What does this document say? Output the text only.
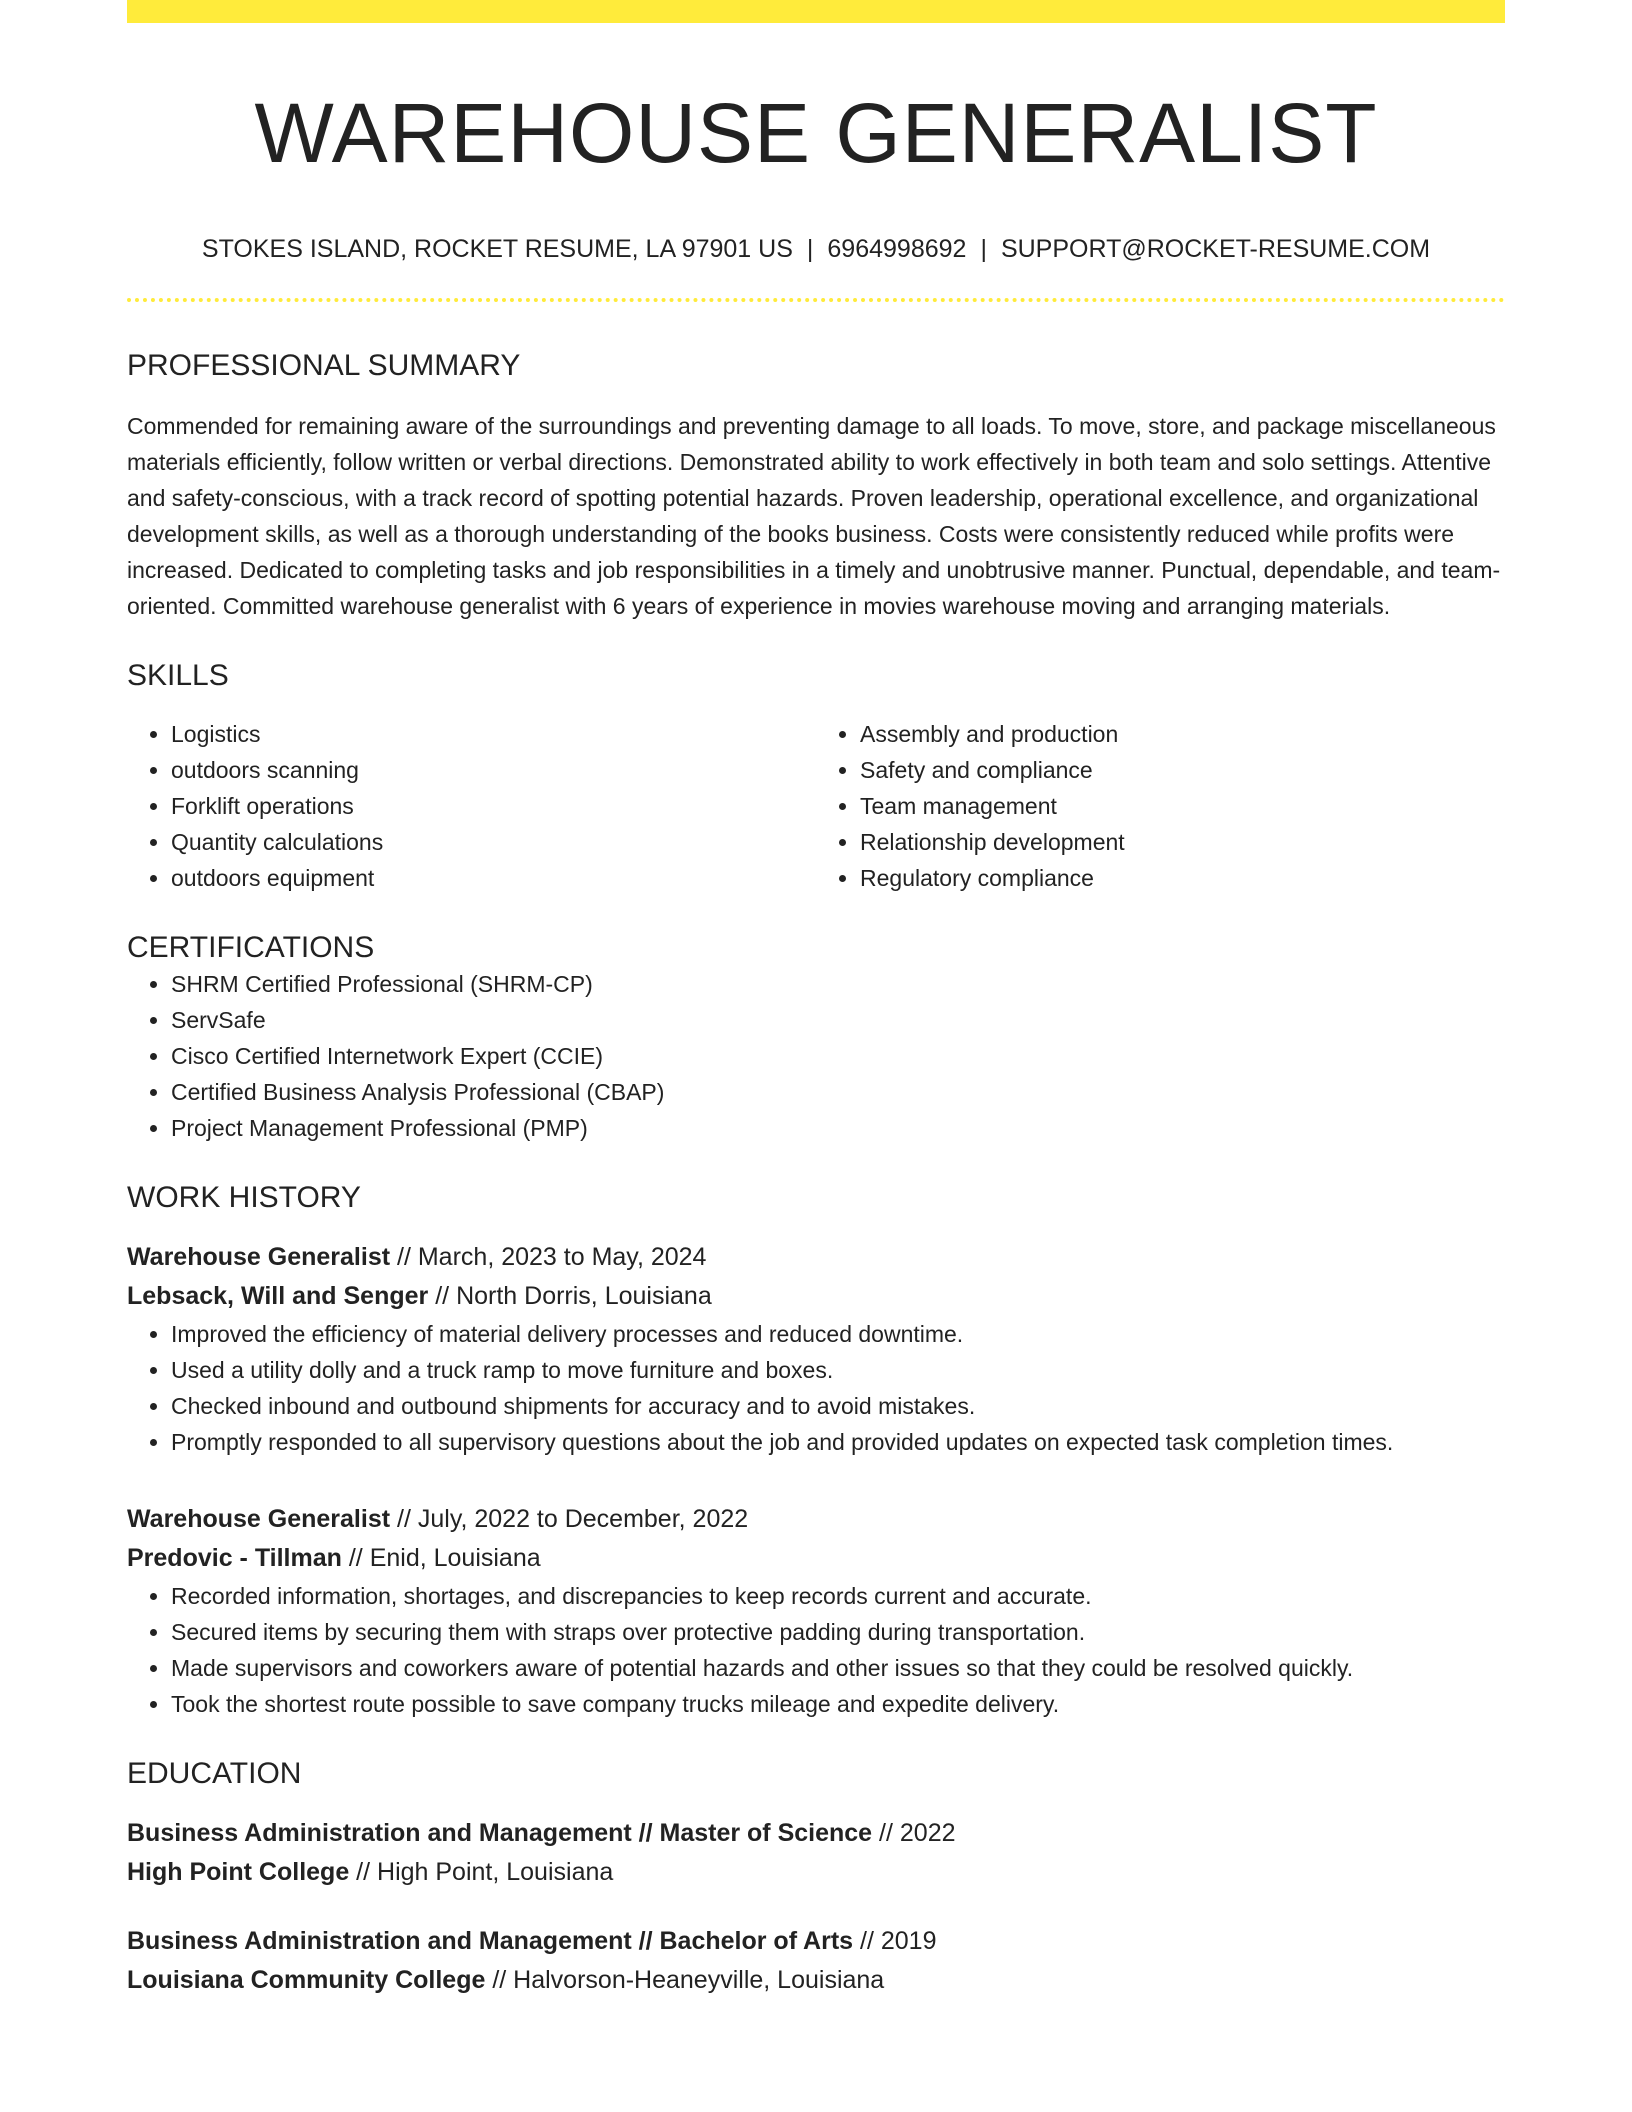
WAREHOUSE GENERALIST
STOKES ISLAND, ROCKET RESUME, LA 97901 US | 6964998692 | SUPPORT@ROCKET-RESUME.COM
PROFESSIONAL SUMMARY

Commended for remaining aware of the surroundings and preventing damage to all loads. To move, store, and package miscellaneous materials efficiently, follow written or verbal directions. Demonstrated ability to work effectively in both team and solo settings. Attentive and safety-conscious, with a track record of spotting potential hazards. Proven leadership, operational excellence, and organizational development skills, as well as a thorough understanding of the books business. Costs were consistently reduced while profits were increased. Dedicated to completing tasks and job responsibilities in a timely and unobtrusive manner. Punctual, dependable, and team-oriented. Committed warehouse generalist with 6 years of experience in movies warehouse moving and arranging materials.

SKILLS
• Logistics
• outdoors scanning
• Forklift operations
• Quantity calculations
• outdoors equipment
• Assembly and production
• Safety and compliance
• Team management
• Relationship development
• Regulatory compliance
CERTIFICATIONS
• SHRM Certified Professional (SHRM-CP)
• ServSafe
• Cisco Certified Internetwork Expert (CCIE)
• Certified Business Analysis Professional (CBAP)
• Project Management Professional (PMP)
WORK HISTORY

Warehouse Generalist // March, 2023 to May, 2024

Lebsack, Will and Senger // North Dorris, Louisiana

• Improved the efficiency of material delivery processes and reduced downtime.
• Used a utility dolly and a truck ramp to move furniture and boxes.
• Checked inbound and outbound shipments for accuracy and to avoid mistakes.
• Promptly responded to all supervisory questions about the job and provided updates on expected task completion times.

Warehouse Generalist // July, 2022 to December, 2022

Predovic - Tillman // Enid, Louisiana

• Recorded information, shortages, and discrepancies to keep records current and accurate.
• Secured items by securing them with straps over protective padding during transportation.
• Made supervisors and coworkers aware of potential hazards and other issues so that they could be resolved quickly.
• Took the shortest route possible to save company trucks mileage and expedite delivery.
EDUCATION

Business Administration and Management // Master of Science // 2022

High Point College // High Point, Louisiana

Business Administration and Management // Bachelor of Arts // 2019

Louisiana Community College // Halvorson-Heaneyville, Louisiana
